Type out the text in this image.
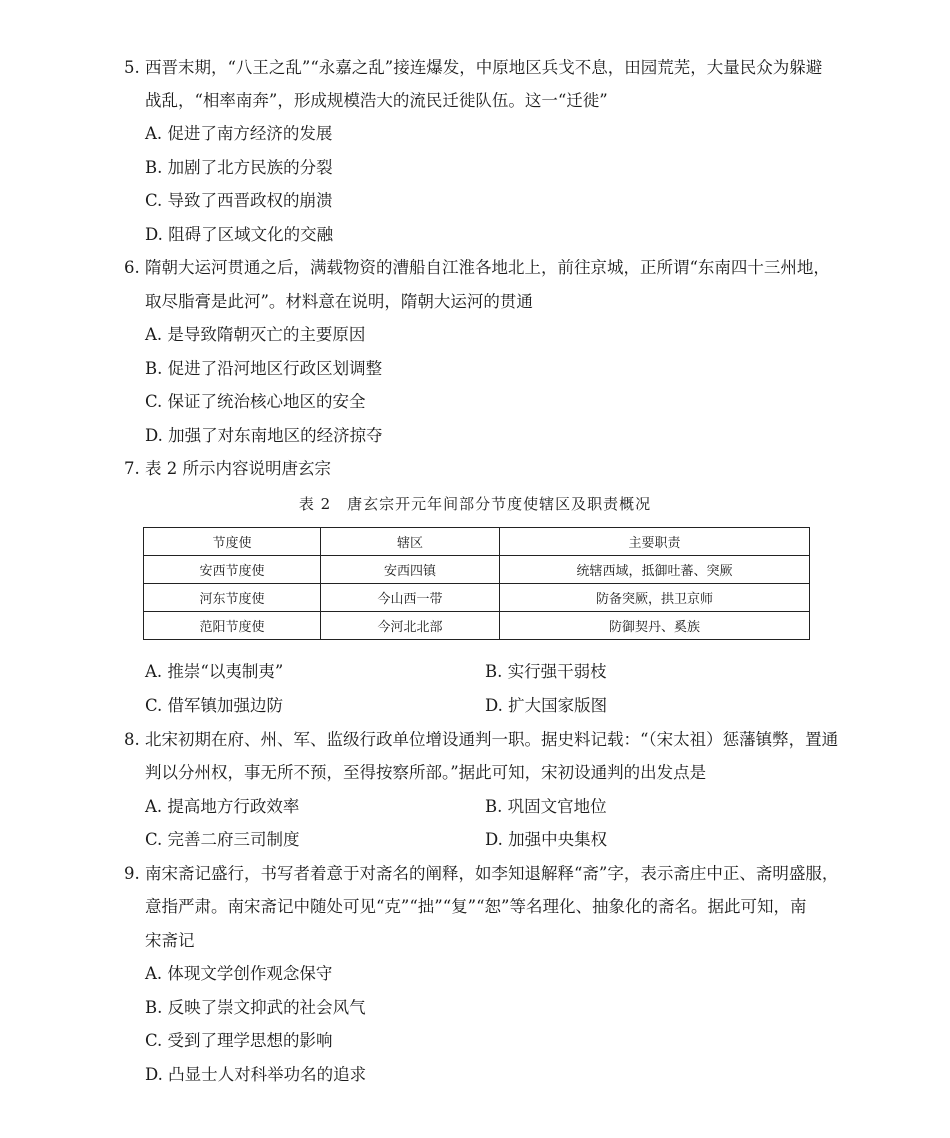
5. 西晋末期，“八王之乱”“永嘉之乱”接连爆发，中原地区兵戈不息，田园荒芜，大量民众为躲避
战乱，“相率南奔”，形成规模浩大的流民迁徙队伍。这一“迁徙”
A. 促进了南方经济的发展
B. 加剧了北方民族的分裂
C. 导致了西晋政权的崩溃
D. 阻碍了区域文化的交融
6. 隋朝大运河贯通之后，满载物资的漕船自江淮各地北上，前往京城，正所谓“东南四十三州地，
取尽脂膏是此河”。材料意在说明，隋朝大运河的贯通
A. 是导致隋朝灭亡的主要原因
B. 促进了沿河地区行政区划调整
C. 保证了统治核心地区的安全
D. 加强了对东南地区的经济掠夺
7. 表 2 所示内容说明唐玄宗
表 2　唐玄宗开元年间部分节度使辖区及职责概况
节度使	辖区	主要职责
安西节度使	安西四镇	统辖西域，抵御吐蕃、突厥
河东节度使	今山西一带	防备突厥，拱卫京师
范阳节度使	今河北北部	防御契丹、奚族
A. 推崇“以夷制夷”	B. 实行强干弱枝
C. 借军镇加强边防	D. 扩大国家版图
8. 北宋初期在府、州、军、监级行政单位增设通判一职。据史料记载：“（宋太祖）惩藩镇弊，置通
判以分州权，事无所不预，至得按察所部。”据此可知，宋初设通判的出发点是
A. 提高地方行政效率	B. 巩固文官地位
C. 完善二府三司制度	D. 加强中央集权
9. 南宋斋记盛行，书写者着意于对斋名的阐释，如李知退解释“斋”字，表示斋庄中正、斋明盛服，
意指严肃。南宋斋记中随处可见“克”“拙”“复”“恕”等名理化、抽象化的斋名。据此可知，南
宋斋记
A. 体现文学创作观念保守
B. 反映了崇文抑武的社会风气
C. 受到了理学思想的影响
D. 凸显士人对科举功名的追求
